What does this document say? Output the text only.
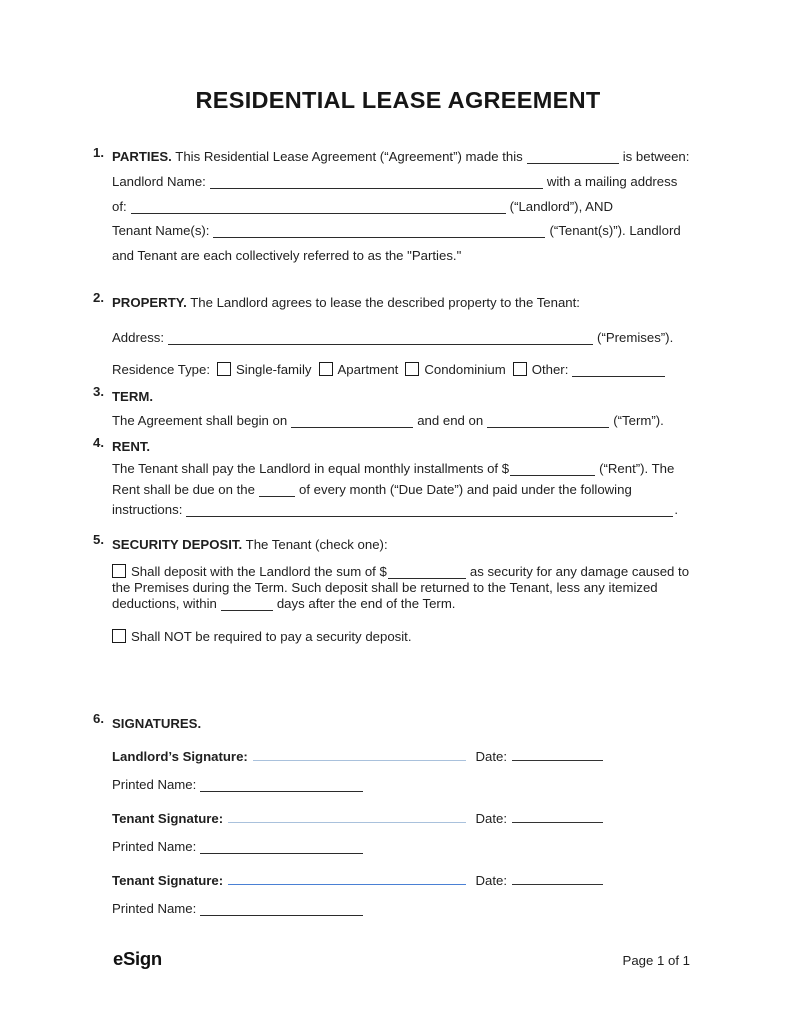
RESIDENTIAL LEASE AGREEMENT
1. PARTIES. This Residential Lease Agreement (“Agreement”) made this	is between:
Landlord Name:	with a mailing address
of:	(“Landlord”), AND
Tenant Name(s):	(“Tenant(s)”). Landlord
and Tenant are each collectively referred to as the "Parties."
2. PROPERTY. The Landlord agrees to lease the described property to the Tenant:
Address:	(“Premises”).
Residence Type: Single-family Apartment Condominium Other:
3. TERM.
The Agreement shall begin on	and end on	(“Term”).
4. RENT.
The Tenant shall pay the Landlord in equal monthly installments of $	(“Rent”). The
Rent shall be due on the	of every month (“Due Date”) and paid under the following
instructions:	.
5. SECURITY DEPOSIT. The Tenant (check one):

Shall deposit with the Landlord the sum of $	as security for any damage caused to the Premises during the Term. Such deposit shall be returned to the Tenant, less any itemized deductions, within	days after the end of the Term.

Shall NOT be required to pay a security deposit.

6. SIGNATURES.
Landlord’s Signature:	Date:
Printed Name:
Tenant Signature:	Date:
Printed Name:
Tenant Signature:	Date:
Printed Name:
eSign	Page 1 of 1
